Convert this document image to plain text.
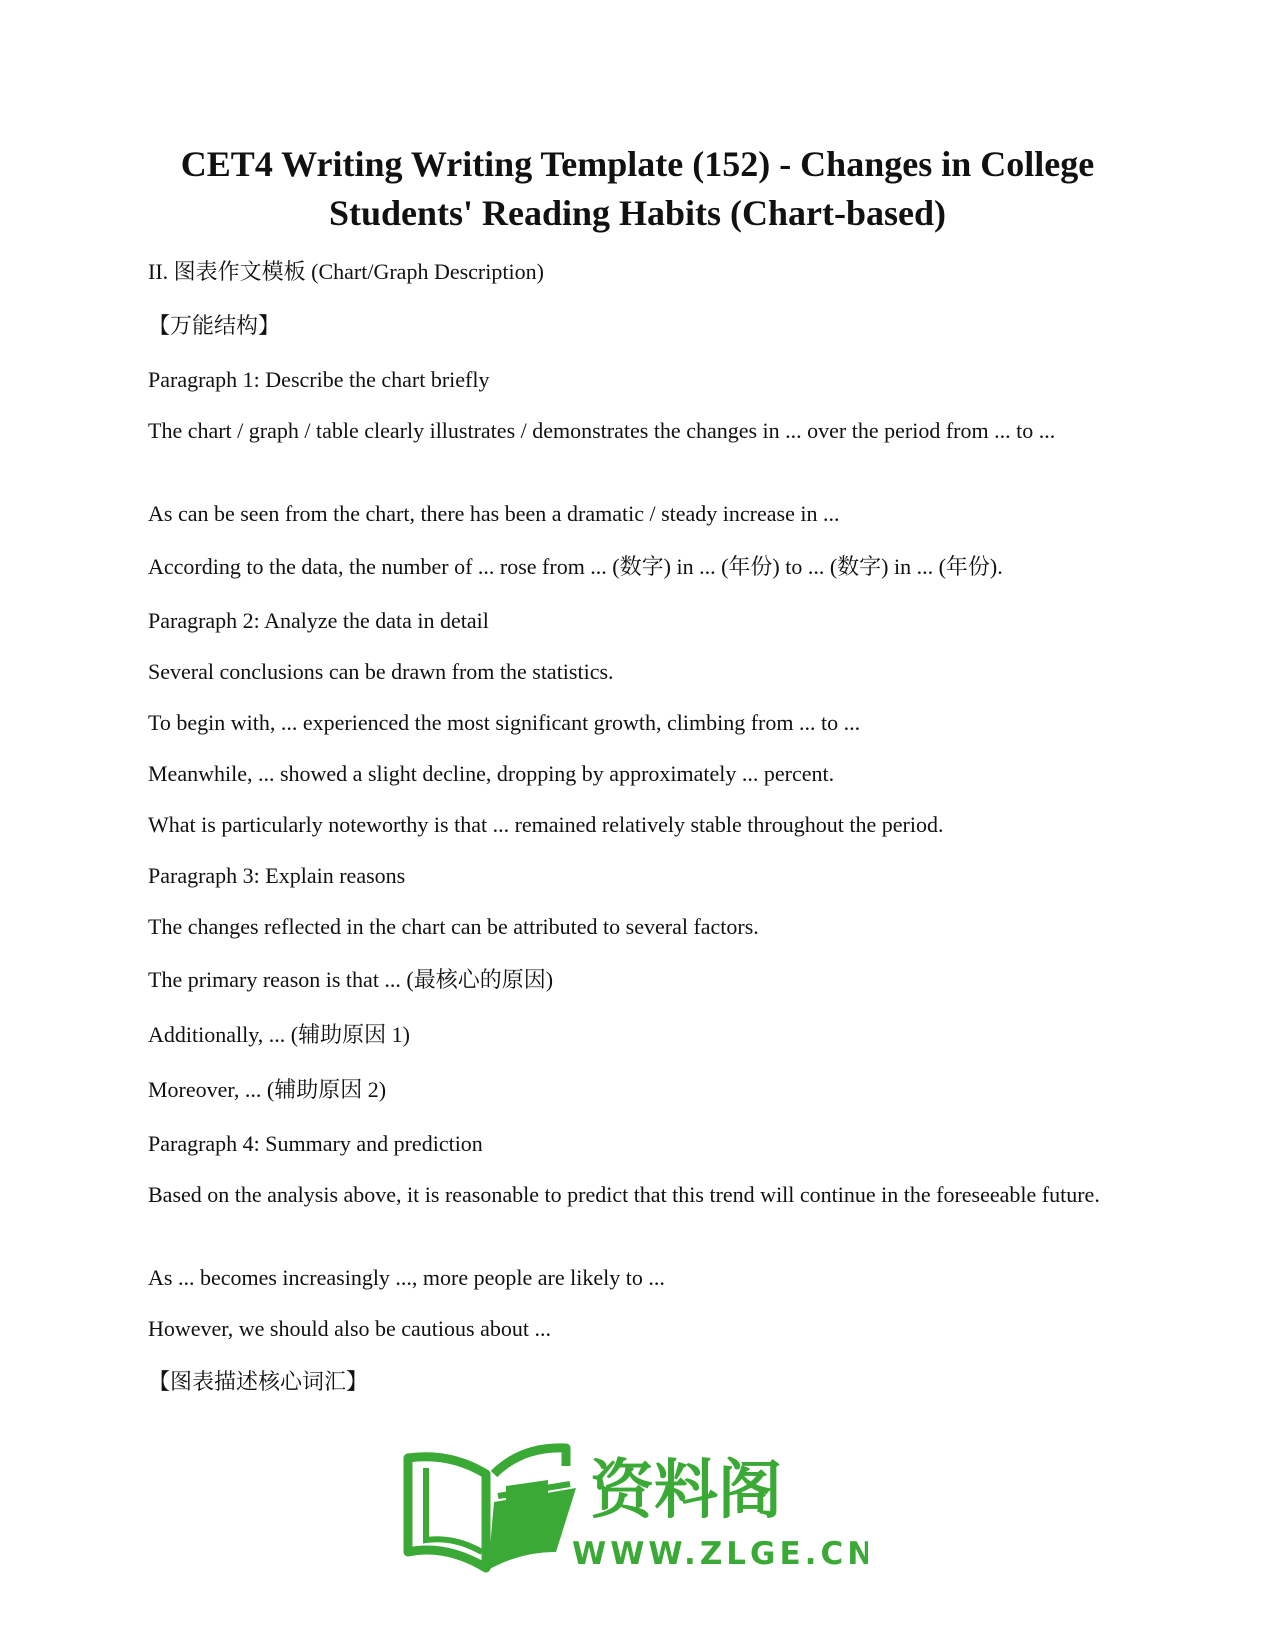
CET4 Writing Writing Template (152) - Changes in College Students' Reading Habits (Chart-based)

II. 图表作文模板 (Chart/Graph Description)

【万能结构】

Paragraph 1: Describe the chart briefly

The chart / graph / table clearly illustrates / demonstrates the changes in ... over the period from ... to ...

As can be seen from the chart, there has been a dramatic / steady increase in ...

According to the data, the number of ... rose from ... (数字) in ... (年份) to ... (数字) in ... (年份).

Paragraph 2: Analyze the data in detail

Several conclusions can be drawn from the statistics.

To begin with, ... experienced the most significant growth, climbing from ... to ...

Meanwhile, ... showed a slight decline, dropping by approximately ... percent.

What is particularly noteworthy is that ... remained relatively stable throughout the period.

Paragraph 3: Explain reasons

The changes reflected in the chart can be attributed to several factors.

The primary reason is that ... (最核心的原因)

Additionally, ... (辅助原因 1)

Moreover, ... (辅助原因 2)

Paragraph 4: Summary and prediction

Based on the analysis above, it is reasonable to predict that this trend will continue in the foreseeable future.

As ... becomes increasingly ..., more people are likely to ...

However, we should also be cautious about ...

【图表描述核心词汇】

资料阁
WWW.ZLGE.CN
